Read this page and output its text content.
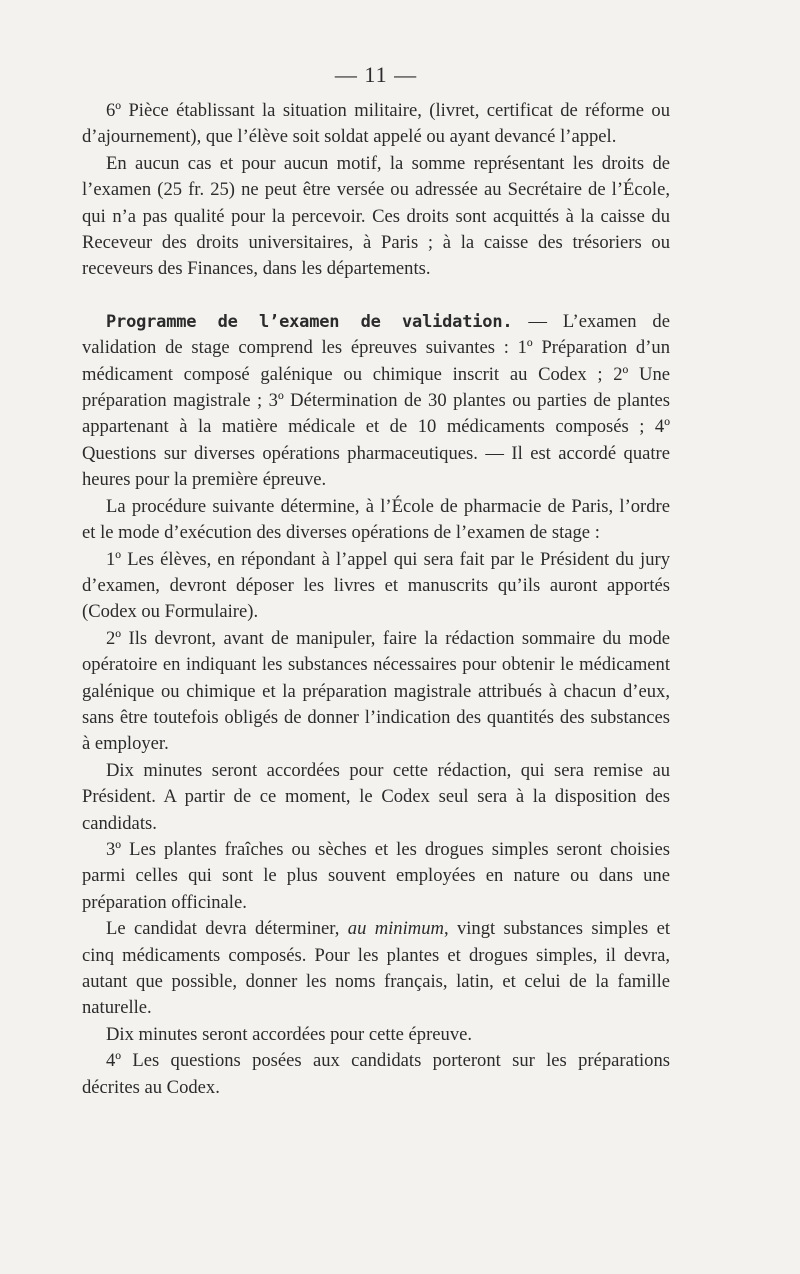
— 11 —

6º Pièce établissant la situation militaire, (livret, certificat de réforme ou d’ajournement), que l’élève soit soldat appelé ou ayant devancé l’appel.

En aucun cas et pour aucun motif, la somme représentant les droits de l’examen (25 fr. 25) ne peut être versée ou adressée au Secrétaire de l’École, qui n’a pas qualité pour la percevoir. Ces droits sont acquittés à la caisse du Receveur des droits universitaires, à Paris ; à la caisse des trésoriers ou receveurs des Finances, dans les départements.

Programme de l’examen de validation. — L’examen de validation de stage comprend les épreuves suivantes : 1º Préparation d’un médicament composé galénique ou chimique inscrit au Codex ; 2º Une préparation magistrale ; 3º Détermination de 30 plantes ou parties de plantes appartenant à la matière médicale et de 10 médicaments composés ; 4º Questions sur diverses opérations pharmaceutiques. — Il est accordé quatre heures pour la première épreuve.

La procédure suivante détermine, à l’École de pharmacie de Paris, l’ordre et le mode d’exécution des diverses opérations de l’examen de stage :

1º Les élèves, en répondant à l’appel qui sera fait par le Président du jury d’examen, devront déposer les livres et manuscrits qu’ils auront apportés (Codex ou Formulaire).

2º Ils devront, avant de manipuler, faire la rédaction sommaire du mode opératoire en indiquant les substances nécessaires pour obtenir le médicament galénique ou chimique et la préparation magistrale attribués à chacun d’eux, sans être toutefois obligés de donner l’indication des quantités des substances à employer.

Dix minutes seront accordées pour cette rédaction, qui sera remise au Président. A partir de ce moment, le Codex seul sera à la disposition des candidats.

3º Les plantes fraîches ou sèches et les drogues simples seront choisies parmi celles qui sont le plus souvent employées en nature ou dans une préparation officinale.

Le candidat devra déterminer, au minimum, vingt substances simples et cinq médicaments composés. Pour les plantes et drogues simples, il devra, autant que possible, donner les noms français, latin, et celui de la famille naturelle.

Dix minutes seront accordées pour cette épreuve.

4º Les questions posées aux candidats porteront sur les préparations décrites au Codex.
